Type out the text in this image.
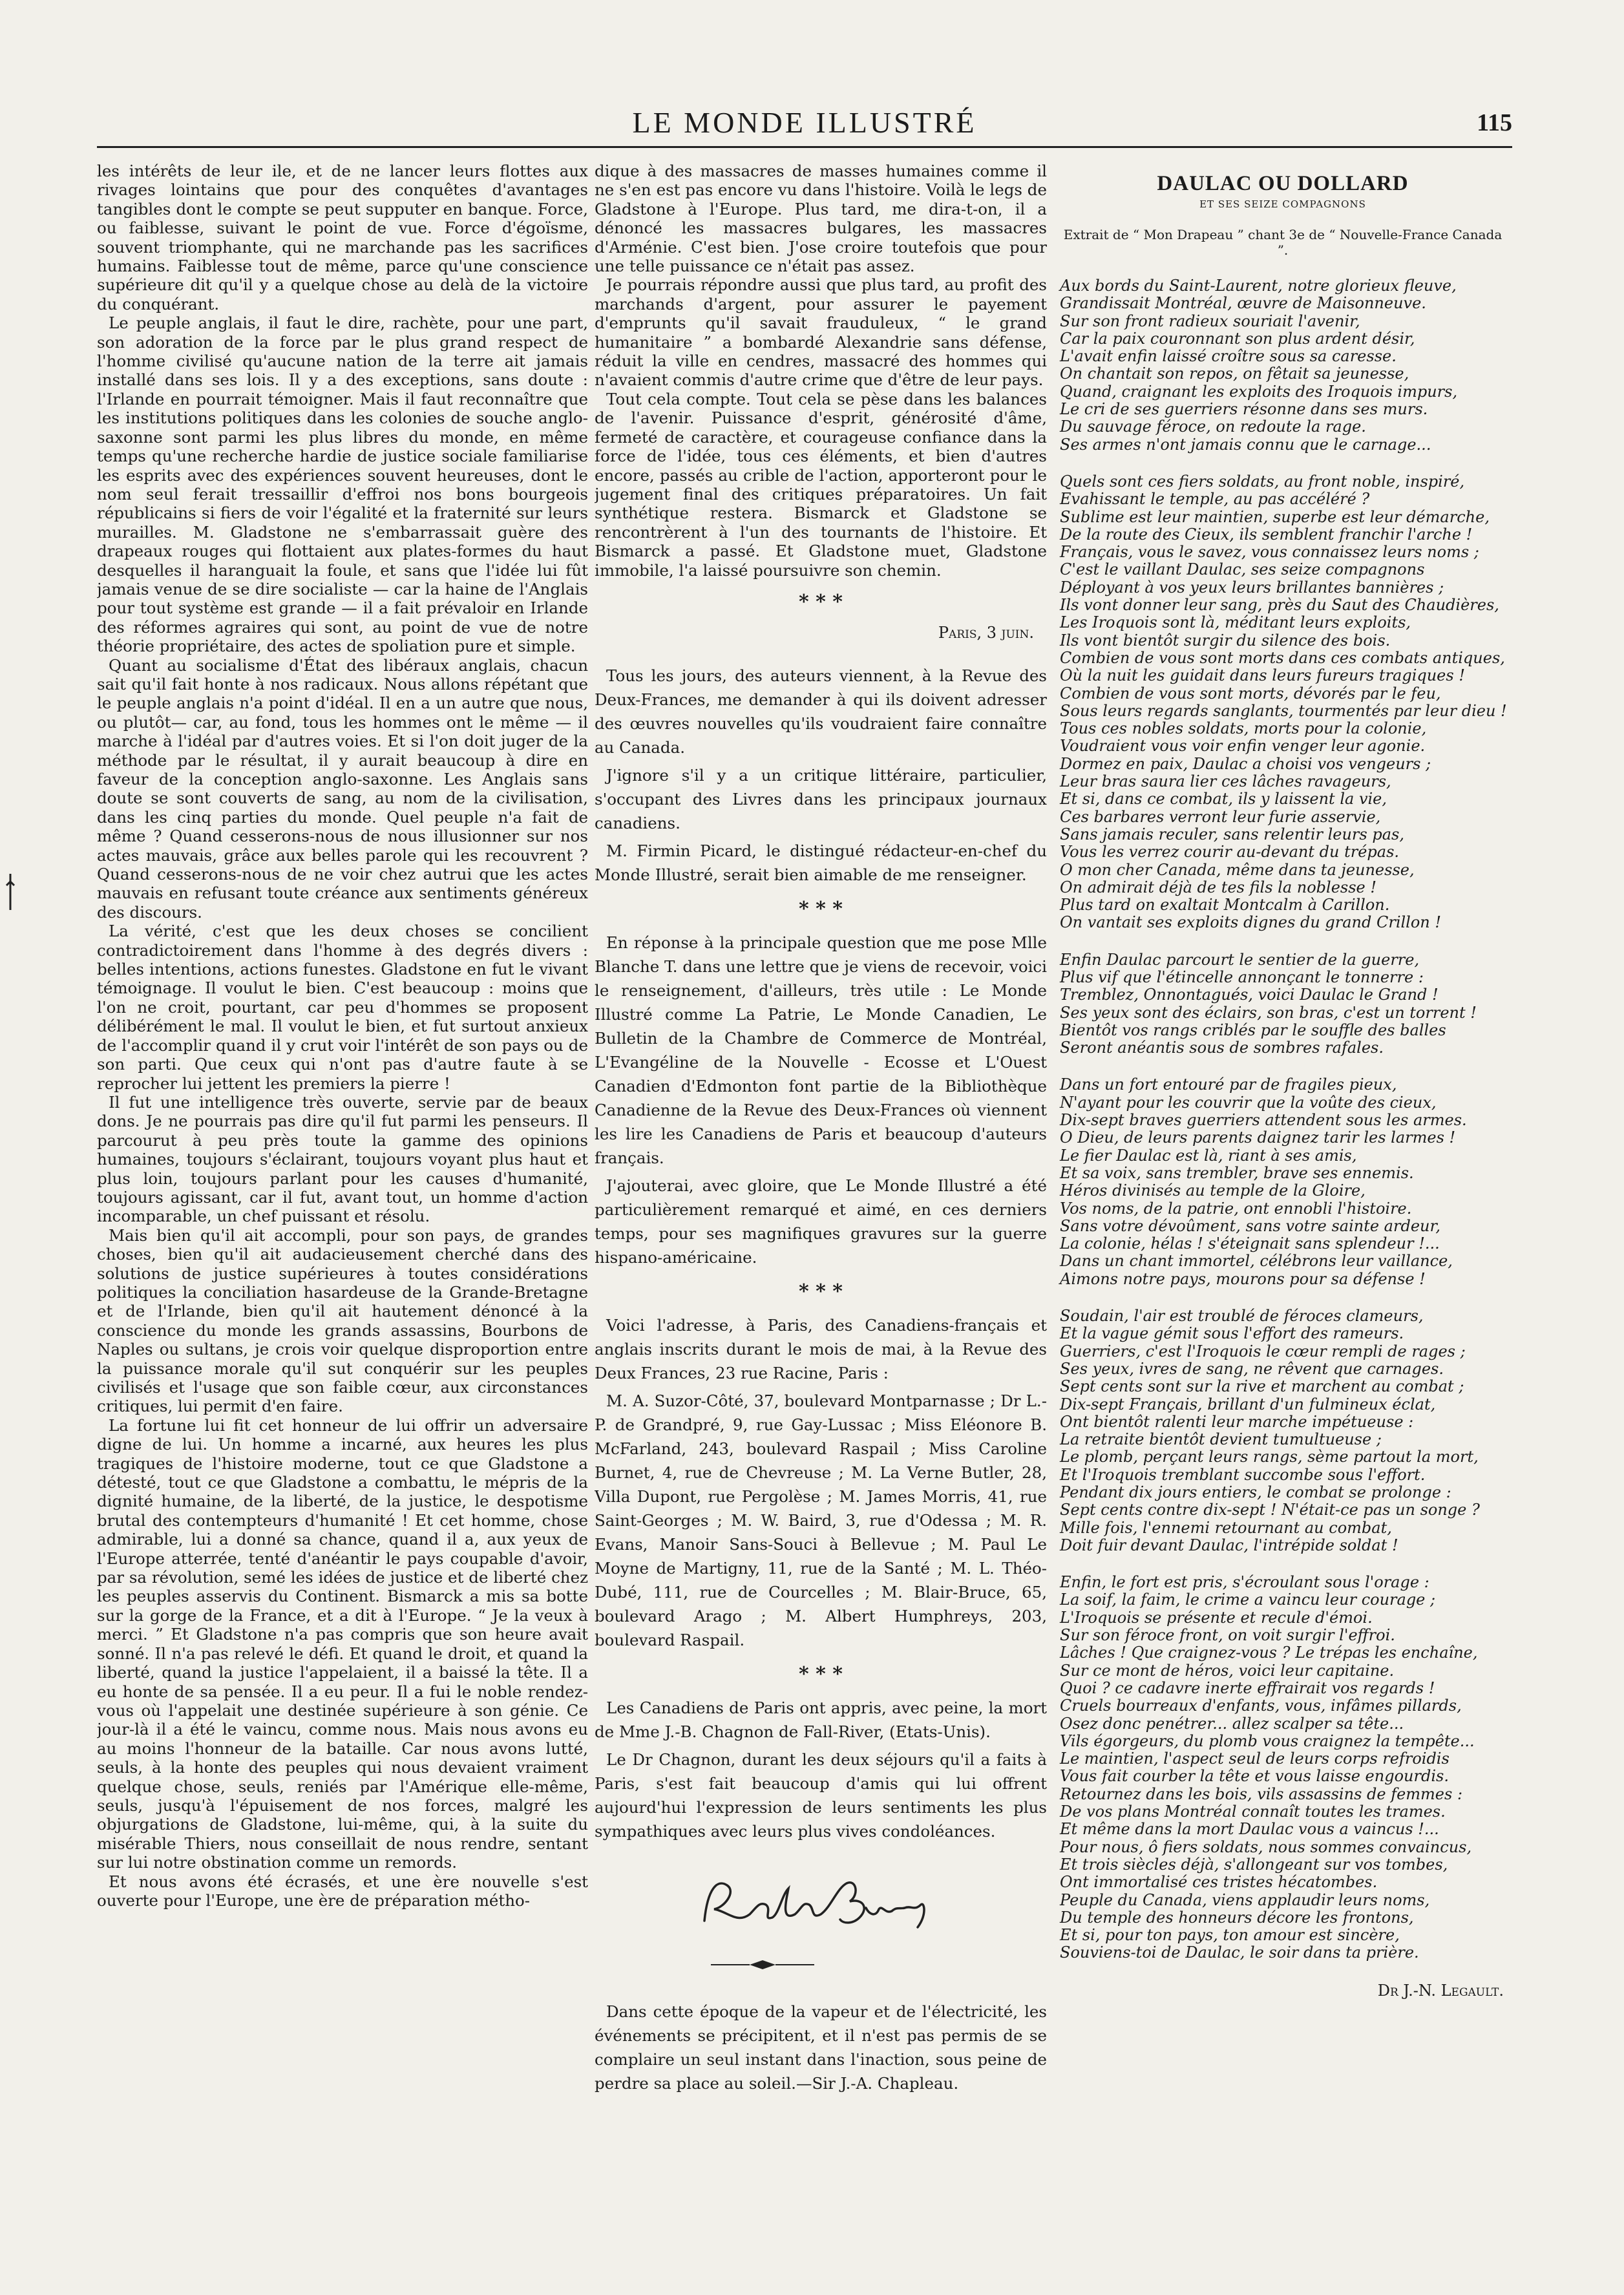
LE MONDE ILLUSTRÉ	115

les intérêts de leur ile, et de ne lancer leurs flottes aux rivages lointains que pour des conquêtes d'avantages tangibles dont le compte se peut supputer en banque. Force, ou faiblesse, suivant le point de vue. Force d'égoïsme, souvent triomphante, qui ne marchande pas les sacrifices humains. Faiblesse tout de même, parce qu'une conscience supérieure dit qu'il y a quelque chose au delà de la victoire du conquérant.

Le peuple anglais, il faut le dire, rachète, pour une part, son adoration de la force par le plus grand respect de l'homme civilisé qu'aucune nation de la terre ait jamais installé dans ses lois. Il y a des exceptions, sans doute : l'Irlande en pourrait témoigner. Mais il faut reconnaître que les institutions politiques dans les colonies de souche anglo-saxonne sont parmi les plus libres du monde, en même temps qu'une recherche hardie de justice sociale familiarise les esprits avec des expériences souvent heureuses, dont le nom seul ferait tressaillir d'effroi nos bons bourgeois républicains si fiers de voir l'égalité et la fraternité sur leurs murailles. M. Gladstone ne s'embarrassait guère des drapeaux rouges qui flottaient aux plates-formes du haut desquelles il haranguait la foule, et sans que l'idée lui fût jamais venue de se dire socialiste — car la haine de l'Anglais pour tout système est grande — il a fait prévaloir en Irlande des réformes agraires qui sont, au point de vue de notre théorie propriétaire, des actes de spoliation pure et simple.

Quant au socialisme d'État des libéraux anglais, chacun sait qu'il fait honte à nos radicaux. Nous allons répétant que le peuple anglais n'a point d'idéal. Il en a un autre que nous, ou plutôt— car, au fond, tous les hommes ont le même — il marche à l'idéal par d'autres voies. Et si l'on doit juger de la méthode par le résultat, il y aurait beaucoup à dire en faveur de la conception anglo-saxonne. Les Anglais sans doute se sont couverts de sang, au nom de la civilisation, dans les cinq parties du monde. Quel peuple n'a fait de même ? Quand cesserons-nous de nous illusionner sur nos actes mauvais, grâce aux belles parole qui les recouvrent ? Quand cesserons-nous de ne voir chez autrui que les actes mauvais en refusant toute créance aux sentiments généreux des discours.

La vérité, c'est que les deux choses se concilient contradictoirement dans l'homme à des degrés divers : belles intentions, actions funestes. Gladstone en fut le vivant témoignage. Il voulut le bien. C'est beaucoup : moins que l'on ne croit, pourtant, car peu d'hommes se proposent délibérément le mal. Il voulut le bien, et fut surtout anxieux de l'accomplir quand il y crut voir l'intérêt de son pays ou de son parti. Que ceux qui n'ont pas d'autre faute à se reprocher lui jettent les premiers la pierre !

Il fut une intelligence très ouverte, servie par de beaux dons. Je ne pourrais pas dire qu'il fut parmi les penseurs. Il parcourut à peu près toute la gamme des opinions humaines, toujours s'éclairant, toujours voyant plus haut et plus loin, toujours parlant pour les causes d'humanité, toujours agissant, car il fut, avant tout, un homme d'action incomparable, un chef puissant et résolu.

Mais bien qu'il ait accompli, pour son pays, de grandes choses, bien qu'il ait audacieusement cherché dans des solutions de justice supérieures à toutes considérations politiques la conciliation hasardeuse de la Grande-Bretagne et de l'Irlande, bien qu'il ait hautement dénoncé à la conscience du monde les grands assassins, Bourbons de Naples ou sultans, je crois voir quelque disproportion entre la puissance morale qu'il sut conquérir sur les peuples civilisés et l'usage que son faible cœur, aux circonstances critiques, lui permit d'en faire.

La fortune lui fit cet honneur de lui offrir un adversaire digne de lui. Un homme a incarné, aux heures les plus tragiques de l'histoire moderne, tout ce que Gladstone a détesté, tout ce que Gladstone a combattu, le mépris de la dignité humaine, de la liberté, de la justice, le despotisme brutal des contempteurs d'humanité ! Et cet homme, chose admirable, lui a donné sa chance, quand il a, aux yeux de l'Europe atterrée, tenté d'anéantir le pays coupable d'avoir, par sa révolution, semé les idées de justice et de liberté chez les peuples asservis du Continent. Bismarck a mis sa botte sur la gorge de la France, et a dit à l'Europe. “ Je la veux à merci. ” Et Gladstone n'a pas compris que son heure avait sonné. Il n'a pas relevé le défi. Et quand le droit, et quand la liberté, quand la justice l'appelaient, il a baissé la tête. Il a eu honte de sa pensée. Il a eu peur. Il a fui le noble rendez-vous où l'appelait une destinée supérieure à son génie. Ce jour-là il a été le vaincu, comme nous. Mais nous avons eu au moins l'honneur de la bataille. Car nous avons lutté, seuls, à la honte des peuples qui nous devaient vraiment quelque chose, seuls, reniés par l'Amérique elle-même, seuls, jusqu'à l'épuisement de nos forces, malgré les objurgations de Gladstone, lui-même, qui, à la suite du misérable Thiers, nous conseillait de nous rendre, sentant sur lui notre obstination comme un remords.

Et nous avons été écrasés, et une ère nouvelle s'est ouverte pour l'Europe, une ère de préparation métho-

dique à des massacres de masses humaines comme il ne s'en est pas encore vu dans l'histoire. Voilà le legs de Gladstone à l'Europe. Plus tard, me dira-t-on, il a dénoncé les massacres bulgares, les massacres d'Arménie. C'est bien. J'ose croire toutefois que pour une telle puissance ce n'était pas assez.

Je pourrais répondre aussi que plus tard, au profit des marchands d'argent, pour assurer le payement d'emprunts qu'il savait frauduleux, “ le grand humanitaire ” a bombardé Alexandrie sans défense, réduit la ville en cendres, massacré des hommes qui n'avaient commis d'autre crime que d'être de leur pays.

Tout cela compte. Tout cela se pèse dans les balances de l'avenir. Puissance d'esprit, générosité d'âme, fermeté de caractère, et courageuse confiance dans la force de l'idée, tous ces éléments, et bien d'autres encore, passés au crible de l'action, apporteront pour le jugement final des critiques préparatoires. Un fait synthétique restera. Bismarck et Gladstone se rencontrèrent à l'un des tournants de l'histoire. Et Bismarck a passé. Et Gladstone muet, Gladstone immobile, l'a laissé poursuivre son chemin.

* * *
Paris, 3 juin.

Tous les jours, des auteurs viennent, à la Revue des Deux-Frances, me demander à qui ils doivent adresser des œuvres nouvelles qu'ils voudraient faire connaître au Canada.

J'ignore s'il y a un critique littéraire, particulier, s'occupant des Livres dans les principaux journaux canadiens.

M. Firmin Picard, le distingué rédacteur-en-chef du Monde Illustré, serait bien aimable de me renseigner.

* * *

En réponse à la principale question que me pose Mlle Blanche T. dans une lettre que je viens de recevoir, voici le renseignement, d'ailleurs, très utile : Le Monde Illustré comme La Patrie, Le Monde Canadien, Le Bulletin de la Chambre de Commerce de Montréal, L'Evangéline de la Nouvelle - Ecosse et L'Ouest Canadien d'Edmonton font partie de la Bibliothèque Canadienne de la Revue des Deux-Frances où viennent les lire les Canadiens de Paris et beaucoup d'auteurs français.

J'ajouterai, avec gloire, que Le Monde Illustré a été particulièrement remarqué et aimé, en ces derniers temps, pour ses magnifiques gravures sur la guerre hispano-américaine.

* * *

Voici l'adresse, à Paris, des Canadiens-français et anglais inscrits durant le mois de mai, à la Revue des Deux Frances, 23 rue Racine, Paris :

M. A. Suzor-Côté, 37, boulevard Montparnasse ; Dr L.-P. de Grandpré, 9, rue Gay-Lussac ; Miss Eléonore B. McFarland, 243, boulevard Raspail ; Miss Caroline Burnet, 4, rue de Chevreuse ; M. La Verne Butler, 28, Villa Dupont, rue Pergolèse ; M. James Morris, 41, rue Saint-Georges ; M. W. Baird, 3, rue d'Odessa ; M. R. Evans, Manoir Sans-Souci à Bellevue ; M. Paul Le Moyne de Martigny, 11, rue de la Santé ; M. L. Théo-Dubé, 111, rue de Courcelles ; M. Blair-Bruce, 65, boulevard Arago ; M. Albert Humphreys, 203, boulevard Raspail.

* * *

Les Canadiens de Paris ont appris, avec peine, la mort de Mme J.-B. Chagnon de Fall-River, (Etats-Unis).

Le Dr Chagnon, durant les deux séjours qu'il a faits à Paris, s'est fait beaucoup d'amis qui lui offrent aujourd'hui l'expression de leurs sentiments les plus sympathiques avec leurs plus vives condoléances.

Dans cette époque de la vapeur et de l'électricité, les événements se précipitent, et il n'est pas permis de se complaire un seul instant dans l'inaction, sous peine de perdre sa place au soleil.—Sir J.-A. Chapleau.

DAULAC OU DOLLARD
ET SES SEIZE COMPAGNONS
Extrait de “ Mon Drapeau ” chant 3e de “ Nouvelle-France Canada ”.
Aux bords du Saint-Laurent, notre glorieux fleuve,
Grandissait Montréal, œuvre de Maisonneuve.
Sur son front radieux souriait l'avenir,
Car la paix couronnant son plus ardent désir,
L'avait enfin laissé croître sous sa caresse.
On chantait son repos, on fêtait sa jeunesse,
Quand, craignant les exploits des Iroquois impurs,
Le cri de ses guerriers résonne dans ses murs.
Du sauvage féroce, on redoute la rage.
Ses armes n'ont jamais connu que le carnage...
Quels sont ces fiers soldats, au front noble, inspiré,
Evahissant le temple, au pas accéléré ?
Sublime est leur maintien, superbe est leur démarche,
De la route des Cieux, ils semblent franchir l'arche !
Français, vous le savez, vous connaissez leurs noms ;
C'est le vaillant Daulac, ses seize compagnons
Déployant à vos yeux leurs brillantes bannières ;
Ils vont donner leur sang, près du Saut des Chaudières,
Les Iroquois sont là, méditant leurs exploits,
Ils vont bientôt surgir du silence des bois.
Combien de vous sont morts dans ces combats antiques,
Où la nuit les guidait dans leurs fureurs tragiques !
Combien de vous sont morts, dévorés par le feu,
Sous leurs regards sanglants, tourmentés par leur dieu !
Tous ces nobles soldats, morts pour la colonie,
Voudraient vous voir enfin venger leur agonie.
Dormez en paix, Daulac a choisi vos vengeurs ;
Leur bras saura lier ces lâches ravageurs,
Et si, dans ce combat, ils y laissent la vie,
Ces barbares verront leur furie asservie,
Sans jamais reculer, sans relentir leurs pas,
Vous les verrez courir au-devant du trépas.
O mon cher Canada, même dans ta jeunesse,
On admirait déjà de tes fils la noblesse !
Plus tard on exaltait Montcalm à Carillon.
On vantait ses exploits dignes du grand Crillon !
Enfin Daulac parcourt le sentier de la guerre,
Plus vif que l'étincelle annonçant le tonnerre :
Tremblez, Onnontagués, voici Daulac le Grand !
Ses yeux sont des éclairs, son bras, c'est un torrent !
Bientôt vos rangs criblés par le souffle des balles
Seront anéantis sous de sombres rafales.
Dans un fort entouré par de fragiles pieux,
N'ayant pour les couvrir que la voûte des cieux,
Dix-sept braves guerriers attendent sous les armes.
O Dieu, de leurs parents daignez tarir les larmes !
Le fier Daulac est là, riant à ses amis,
Et sa voix, sans trembler, brave ses ennemis.
Héros divinisés au temple de la Gloire,
Vos noms, de la patrie, ont ennobli l'histoire.
Sans votre dévoûment, sans votre sainte ardeur,
La colonie, hélas ! s'éteignait sans splendeur !...
Dans un chant immortel, célébrons leur vaillance,
Aimons notre pays, mourons pour sa défense !
Soudain, l'air est troublé de féroces clameurs,
Et la vague gémit sous l'effort des rameurs.
Guerriers, c'est l'Iroquois le cœur rempli de rages ;
Ses yeux, ivres de sang, ne rêvent que carnages.
Sept cents sont sur la rive et marchent au combat ;
Dix-sept Français, brillant d'un fulmineux éclat,
Ont bientôt ralenti leur marche impétueuse :
La retraite bientôt devient tumultueuse ;
Le plomb, perçant leurs rangs, sème partout la mort,
Et l'Iroquois tremblant succombe sous l'effort.
Pendant dix jours entiers, le combat se prolonge :
Sept cents contre dix-sept ! N'était-ce pas un songe ?
Mille fois, l'ennemi retournant au combat,
Doit fuir devant Daulac, l'intrépide soldat !
Enfin, le fort est pris, s'écroulant sous l'orage :
La soif, la faim, le crime a vaincu leur courage ;
L'Iroquois se présente et recule d'émoi.
Sur son féroce front, on voit surgir l'effroi.
Lâches ! Que craignez-vous ? Le trépas les enchaîne,
Sur ce mont de héros, voici leur capitaine.
Quoi ? ce cadavre inerte effrairait vos regards !
Cruels bourreaux d'enfants, vous, infâmes pillards,
Osez donc penétrer... allez scalper sa tête...
Vils égorgeurs, du plomb vous craignez la tempête...
Le maintien, l'aspect seul de leurs corps refroidis
Vous fait courber la tête et vous laisse engourdis.
Retournez dans les bois, vils assassins de femmes :
De vos plans Montréal connaît toutes les trames.
Et même dans la mort Daulac vous a vaincus !...
Pour nous, ô fiers soldats, nous sommes convaincus,
Et trois siècles déjà, s'allongeant sur vos tombes,
Ont immortalisé ces tristes hécatombes.
Peuple du Canada, viens applaudir leurs noms,
Du temple des honneurs décore les frontons,
Et si, pour ton pays, ton amour est sincère,
Souviens-toi de Daulac, le soir dans ta prière.
Dr J.-N. Legault.
